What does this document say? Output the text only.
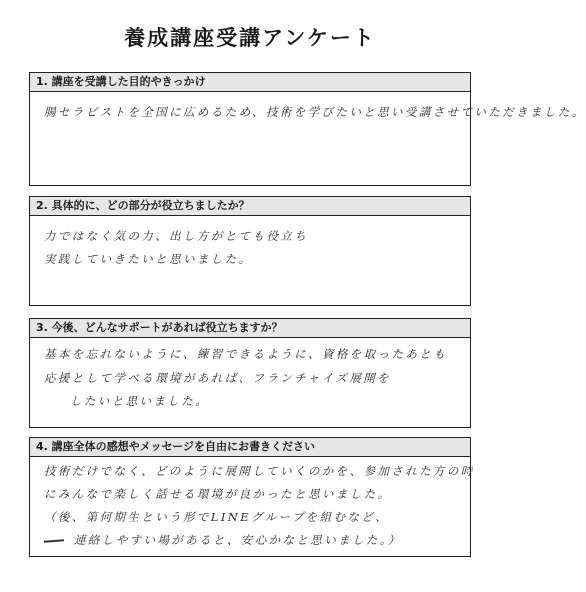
養成講座受講アンケート
1. 講座を受講した目的やきっかけ
腸セラピストを全国に広めるため、技術を学びたいと思い受講させていただきました。
2. 具体的に、どの部分が役立ちましたか？
力ではなく気の力、出し方がとても役立ち
実践していきたいと思いました。
3. 今後、どんなサポートがあれば役立ちますか？
基本を忘れないように、練習できるように、資格を取ったあとも
応援として学べる環境があれば、フランチャイズ展開を
したいと思いました。
4. 講座全体の感想やメッセージを自由にお書きください
技術だけでなく、どのように展開していくのかを、参加された方の時
にみんなで楽しく話せる環境が良かったと思いました。
（後、第何期生という形でLINEグループを組むなど、
連絡しやすい場があると、安心かなと思いました。）
